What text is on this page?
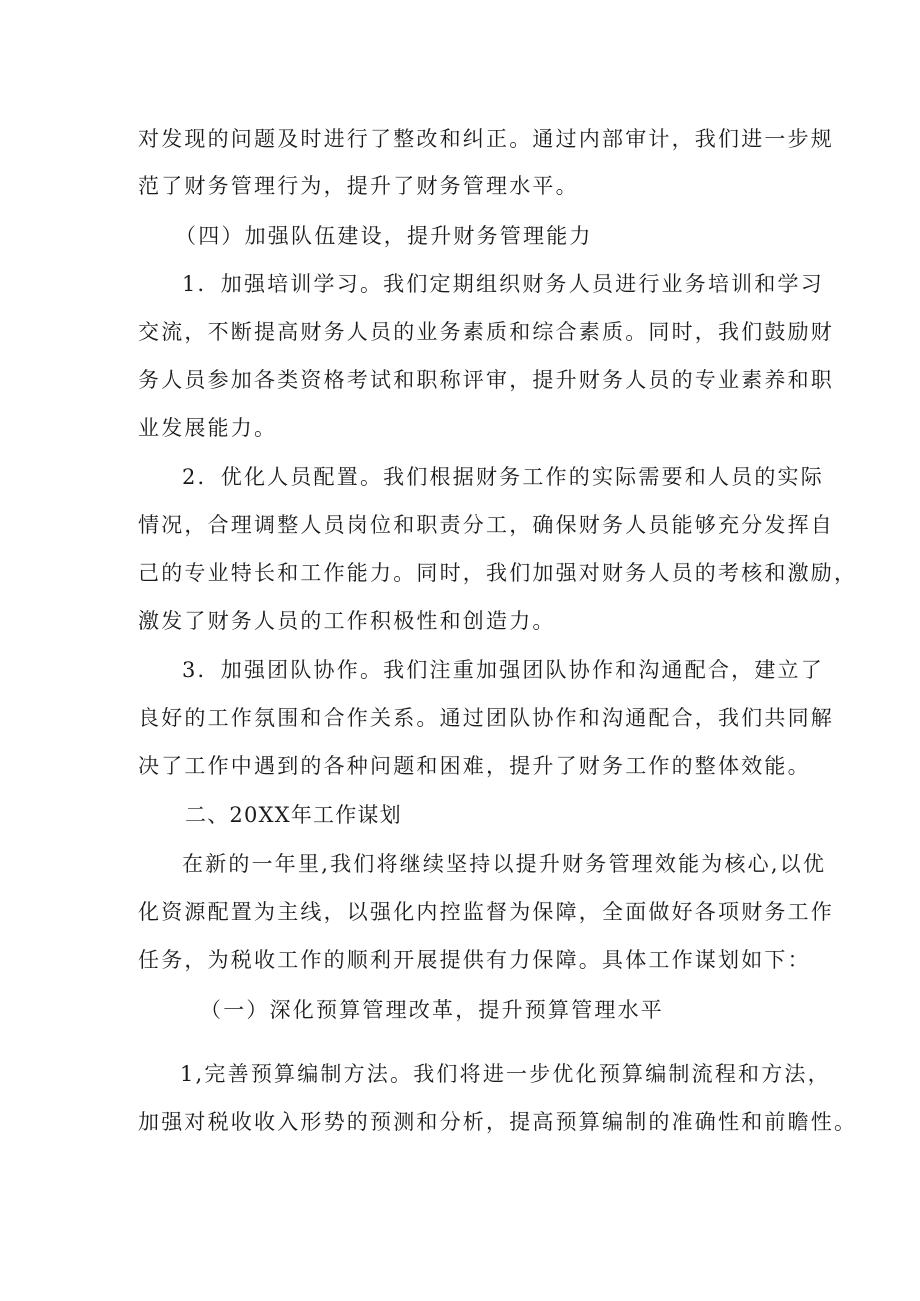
对发现的问题及时进行了整改和纠正。通过内部审计，我们进一步规
范了财务管理行为，提升了财务管理水平。
（四）加强队伍建设，提升财务管理能力
1．加强培训学习。我们定期组织财务人员进行业务培训和学习
交流，不断提高财务人员的业务素质和综合素质。同时，我们鼓励财
务人员参加各类资格考试和职称评审，提升财务人员的专业素养和职
业发展能力。
2．优化人员配置。我们根据财务工作的实际需要和人员的实际
情况，合理调整人员岗位和职责分工，确保财务人员能够充分发挥自
己的专业特长和工作能力。同时，我们加强对财务人员的考核和激励，
激发了财务人员的工作积极性和创造力。
3．加强团队协作。我们注重加强团队协作和沟通配合，建立了
良好的工作氛围和合作关系。通过团队协作和沟通配合，我们共同解
决了工作中遇到的各种问题和困难，提升了财务工作的整体效能。
二、20XX年工作谋划
在新的一年里,我们将继续坚持以提升财务管理效能为核心,以优
化资源配置为主线，以强化内控监督为保障，全面做好各项财务工作
任务，为税收工作的顺利开展提供有力保障。具体工作谋划如下：
（一）深化预算管理改革，提升预算管理水平
1,完善预算编制方法。我们将进一步优化预算编制流程和方法，
加强对税收收入形势的预测和分析，提高预算编制的准确性和前瞻性。
